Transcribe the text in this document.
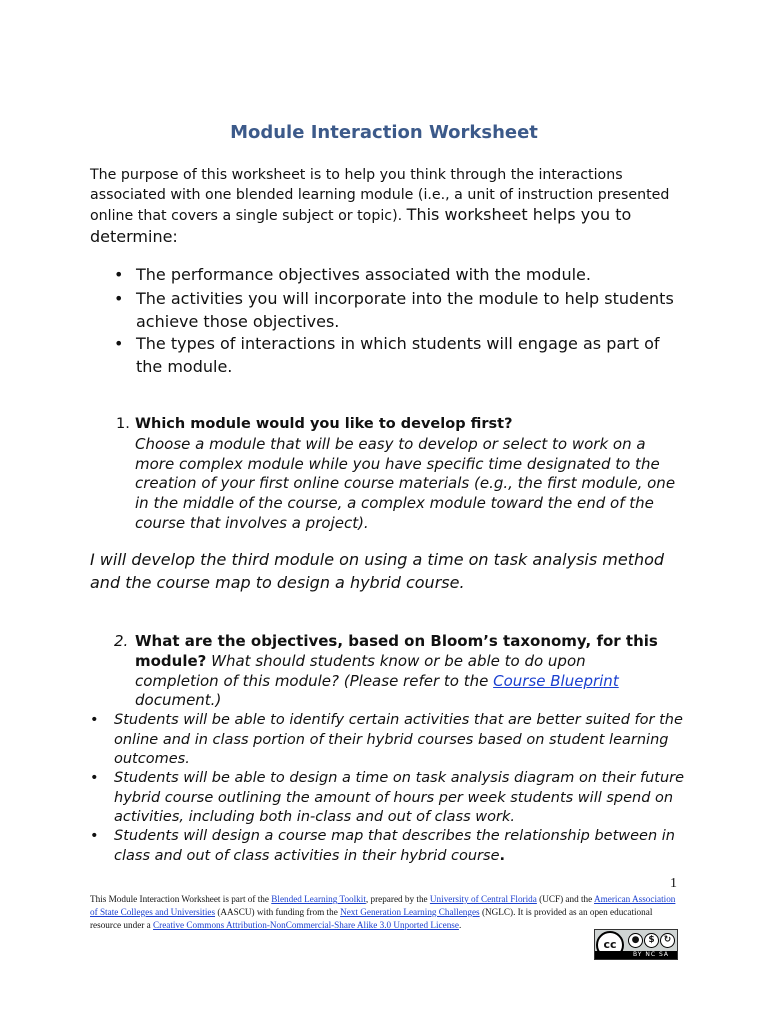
Module Interaction Worksheet
The purpose of this worksheet is to help you think through the interactions associated with one blended learning module (i.e., a unit of instruction presented online that covers a single subject or topic). This worksheet helps you to determine:
• The performance objectives associated with the module.
• The activities you will incorporate into the module to help students achieve those objectives.
• The types of interactions in which students will engage as part of the module.
1. Which module would you like to develop first?
Choose a module that will be easy to develop or select to work on a more complex module while you have specific time designated to the creation of your first online course materials (e.g., the first module, one in the middle of the course, a complex module toward the end of the course that involves a project).
I will develop the third module on using a time on task analysis method and the course map to design a hybrid course.
2. What are the objectives, based on Bloom’s taxonomy, for this module? What should students know or be able to do upon completion of this module? (Please refer to the Course Blueprint document.)
•	Students will be able to identify certain activities that are better suited for the online and in class portion of their hybrid courses based on student learning outcomes.
•	Students will be able to design a time on task analysis diagram on their future hybrid course outlining the amount of hours per week students will spend on activities, including both in-class and out of class work.
•	Students will design a course map that describes the relationship between in class and out of class activities in their hybrid course.
1
This Module Interaction Worksheet is part of the Blended Learning Toolkit, prepared by the University of Central Florida (UCF) and the American Association of State Colleges and Universities (AASCU) with funding from the Next Generation Learning Challenges (NGLC). It is provided as an open educational resource under a Creative Commons Attribution-NonCommercial-Share Alike 3.0 Unported License.
cc	● $	↻
BY NC SA
